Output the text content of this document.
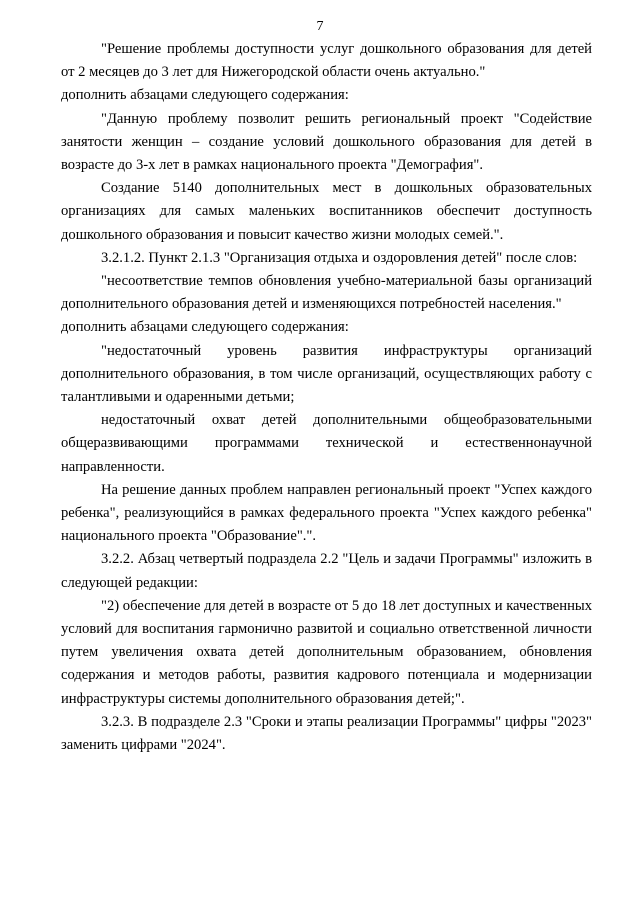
7

"Решение проблемы доступности услуг дошкольного образования для детей от 2 месяцев до 3 лет для Нижегородской области очень актуально."

дополнить абзацами следующего содержания:

"Данную проблему позволит решить региональный проект "Содействие занятости женщин – создание условий дошкольного образования для детей в возрасте до 3-х лет в рамках национального проекта "Демография".

Создание 5140 дополнительных мест в дошкольных образовательных организациях для самых маленьких воспитанников обеспечит доступность дошкольного образования и повысит качество жизни молодых семей.".

3.2.1.2. Пункт 2.1.3 "Организация отдыха и оздоровления детей" после слов:

"несоответствие темпов обновления учебно-материальной базы организаций дополнительного образования детей и изменяющихся потребностей населения."

дополнить абзацами следующего содержания:

"недостаточный уровень развития инфраструктуры организаций дополнительного образования, в том числе организаций, осуществляющих работу с талантливыми и одаренными детьми;

недостаточный охват детей дополнительными общеобразовательными общеразвивающими программами технической и естественнонаучной направленности.

На решение данных проблем направлен региональный проект "Успех каждого ребенка", реализующийся в рамках федерального проекта "Успех каждого ребенка" национального проекта "Образование".".

3.2.2. Абзац четвертый подраздела 2.2 "Цель и задачи Программы" изложить в следующей редакции:

"2) обеспечение для детей в возрасте от 5 до 18 лет доступных и качественных условий для воспитания гармонично развитой и социально ответственной личности путем увеличения охвата детей дополнительным образованием, обновления содержания и методов работы, развития кадрового потенциала и модернизации инфраструктуры системы дополнительного образования детей;".

3.2.3. В подразделе 2.3 "Сроки и этапы реализации Программы" цифры "2023" заменить цифрами "2024".
